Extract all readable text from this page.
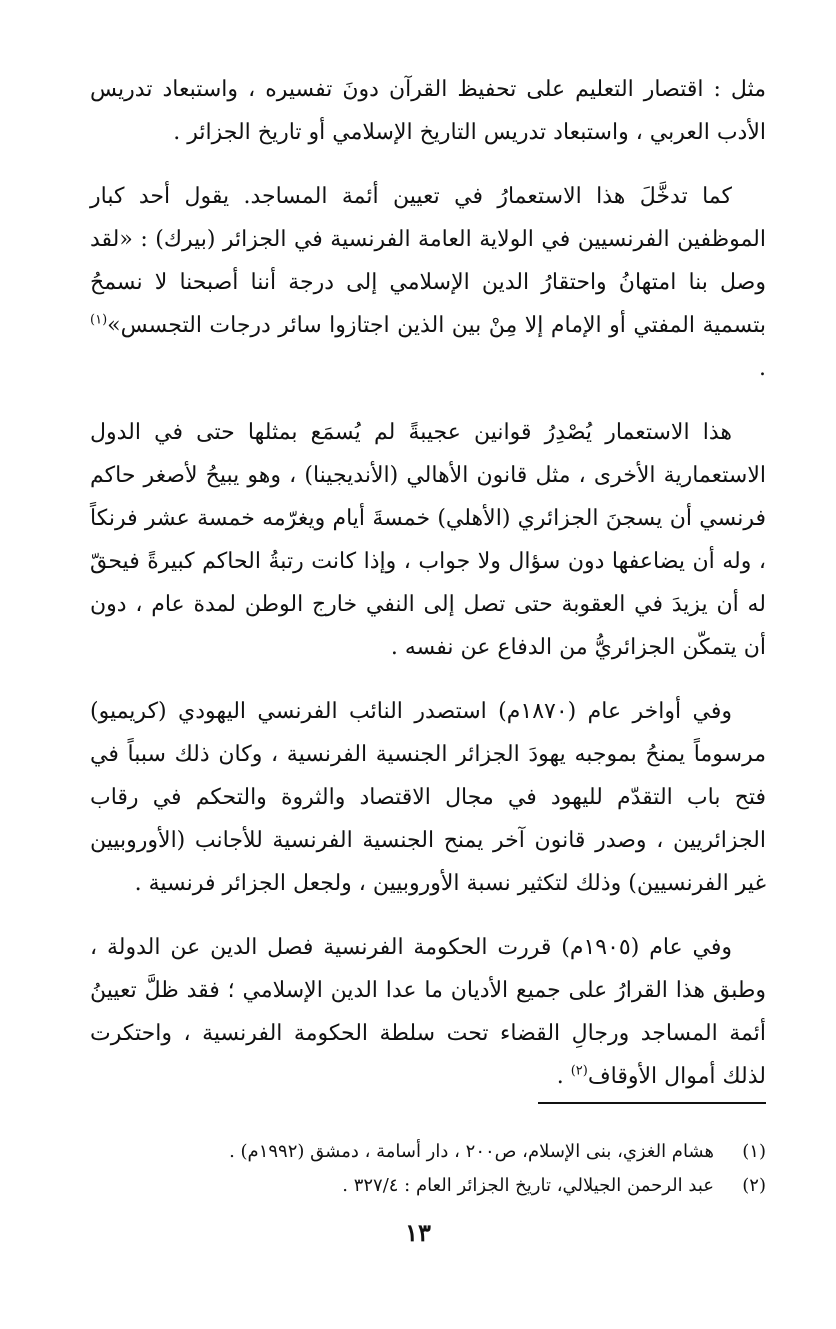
مثل : اقتصار التعليم على تحفيظ القرآن دونَ تفسيره ، واستبعاد تدريس الأدب العربي ، واستبعاد تدريس التاريخ الإسلامي أو تاريخ الجزائر .

كما تدخَّلَ هذا الاستعمارُ في تعيين أئمة المساجد. يقول أحد كبار الموظفين الفرنسيين في الولاية العامة الفرنسية في الجزائر (بيرك) : «لقد وصل بنا امتهانُ واحتقارُ الدين الإسلامي إلى درجة أننا أصبحنا لا نسمحُ بتسمية المفتي أو الإمام إلا مِنْ بين الذين اجتازوا سائر درجات التجسس»$^{(١)}$ .

هذا الاستعمار يُصْدِرُ قوانين عجيبةً لم يُسمَع بمثلها حتى في الدول الاستعمارية الأخرى ، مثل قانون الأهالي (الأنديجينا) ، وهو يبيحُ لأصغر حاكم فرنسي أن يسجنَ الجزائري (الأهلي) خمسةَ أيام ويغرّمه خمسة عشر فرنكاً ، وله أن يضاعفها دون سؤال ولا جواب ، وإذا كانت رتبةُ الحاكم كبيرةً فيحقّ له أن يزيدَ في العقوبة حتى تصل إلى النفي خارج الوطن لمدة عام ، دون أن يتمكّن الجزائريُّ من الدفاع عن نفسه .

وفي أواخر عام (١٨٧٠م) استصدر النائب الفرنسي اليهودي (كريميو) مرسوماً يمنحُ بموجبه يهودَ الجزائر الجنسية الفرنسية ، وكان ذلك سبباً في فتح باب التقدّم لليهود في مجال الاقتصاد والثروة والتحكم في رقاب الجزائريين ، وصدر قانون آخر يمنح الجنسية الفرنسية للأجانب (الأوروبيين غير الفرنسيين) وذلك لتكثير نسبة الأوروبيين ، ولجعل الجزائر فرنسية .

وفي عام (١٩٠٥م) قررت الحكومة الفرنسية فصل الدين عن الدولة ، وطبق هذا القرارُ على جميع الأديان ما عدا الدين الإسلامي ؛ فقد ظلَّ تعيينُ أئمة المساجد ورجالِ القضاء تحت سلطة الحكومة الفرنسية ، واحتكرت لذلك أموال الأوقاف$^{(٢)}$ .

(١)
هشام الغزي، بنى الإسلام، ص٢٠٠ ، دار أسامة ، دمشق (١٩٩٢م) .
(٢)
عبد الرحمن الجيلالي، تاريخ الجزائر العام : ٣٢٧/٤ .
١٣
